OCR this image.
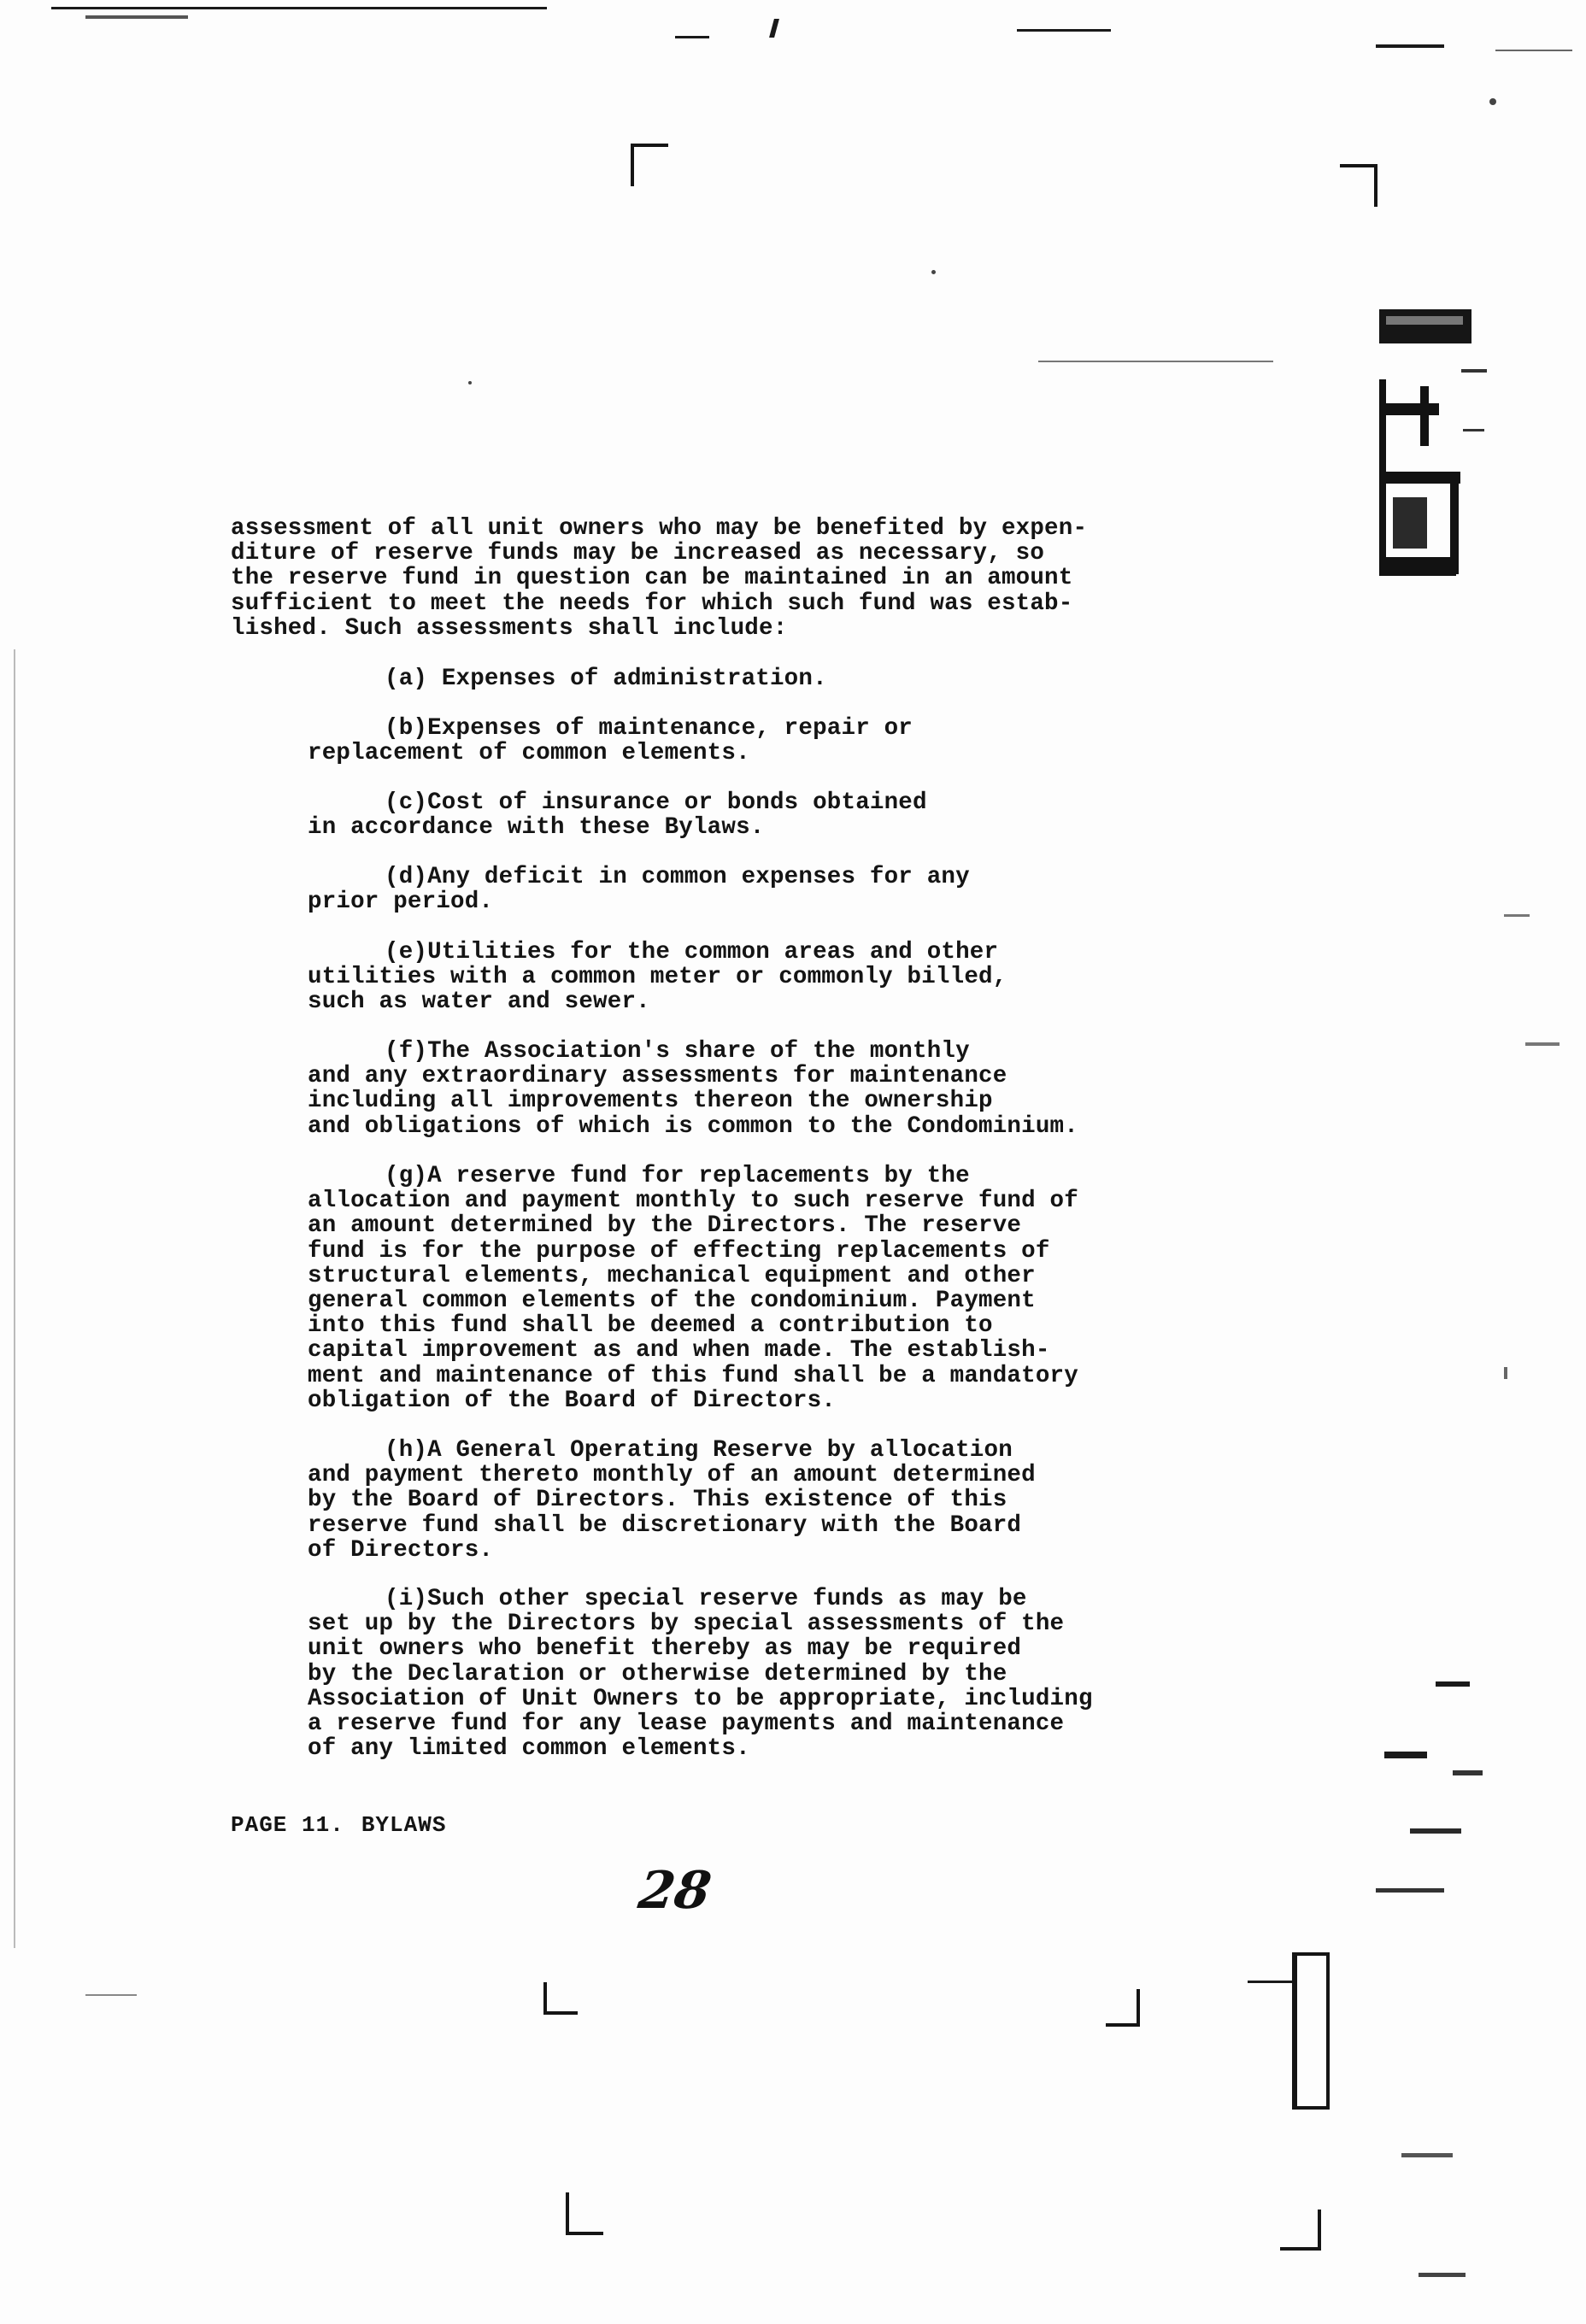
assessment of all unit owners who may be benefited by expen-
diture of reserve funds may be increased as necessary, so
the reserve fund in question can be maintained in an amount
sufficient to meet the needs for which such fund was estab-
lished. Such assessments shall include:

(a) Expenses of administration.

(b)Expenses of maintenance, repair or
replacement of common elements.

(c)Cost of insurance or bonds obtained
in accordance with these Bylaws.

(d)Any deficit in common expenses for any
prior period.

(e)Utilities for the common areas and other
utilities with a common meter or commonly billed,
such as water and sewer.

(f)The Association's share of the monthly
and any extraordinary assessments for maintenance
including all improvements thereon the ownership
and obligations of which is common to the Condominium.

(g)A reserve fund for replacements by the
allocation and payment monthly to such reserve fund of
an amount determined by the Directors. The reserve
fund is for the purpose of effecting replacements of
structural elements, mechanical equipment and other
general common elements of the condominium. Payment
into this fund shall be deemed a contribution to
capital improvement as and when made. The establish-
ment and maintenance of this fund shall be a mandatory
obligation of the Board of Directors.

(h)A General Operating Reserve by allocation
and payment thereto monthly of an amount determined
by the Board of Directors. This existence of this
reserve fund shall be discretionary with the Board
of Directors.

(i)Such other special reserve funds as may be
set up by the Directors by special assessments of the
unit owners who benefit thereby as may be required
by the Declaration or otherwise determined by the
Association of Unit Owners to be appropriate, including
a reserve fund for any lease payments and maintenance
of any limited common elements.

PAGE 11. BYLAWS
28
